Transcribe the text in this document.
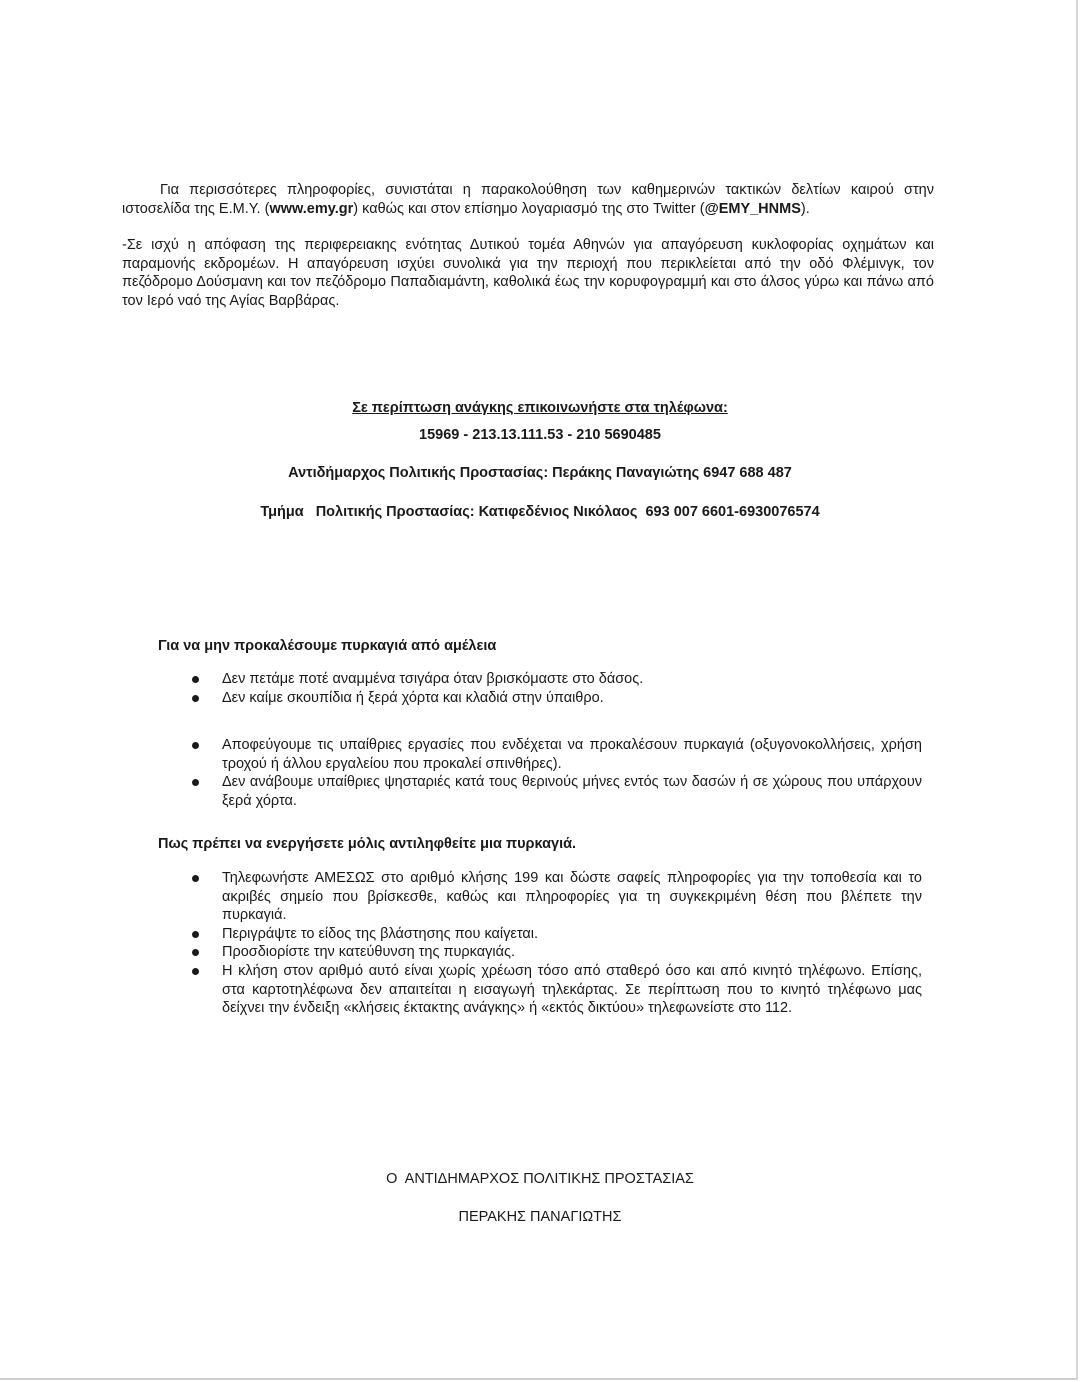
Για περισσότερες πληροφορίες, συνιστάται η παρακολούθηση των καθημερινών τακτικών δελτίων καιρού στην ιστοσελίδα της Ε.Μ.Υ. (www.emy.gr) καθώς και στον επίσημο λογαριασμό της στο Twitter (@EMY_HNMS).

-Σε ισχύ η απόφαση της περιφερειακης ενότητας Δυτικού τομέα Αθηνών για απαγόρευση κυκλοφορίας οχημάτων και παραμονής εκδρομέων. Η απαγόρευση ισχύει συνολικά για την περιοχή που περικλείεται από την οδό Φλέμινγκ, τον πεζόδρομο Δούσμανη και τον πεζόδρομο Παπαδιαμάντη, καθολικά έως την κορυφογραμμή και στο άλσος γύρω και πάνω από τον Ιερό ναό της Αγίας Βαρβάρας.

Σε περίπτωση ανάγκης επικοινωνήστε στα τηλέφωνα:
15969 - 213.13.111.53 - 210 5690485
Αντιδήμαρχος Πολιτικής Προστασίας: Περάκης Παναγιώτης 6947 688 487
Τμήμα   Πολιτικής Προστασίας: Κατιφεδένιος Νικόλαος  693 007 6601-6930076574
Για να μην προκαλέσουμε πυρκαγιά από αμέλεια
Δεν πετάμε ποτέ αναμμένα τσιγάρα όταν βρισκόμαστε στο δάσος.
Δεν καίμε σκουπίδια ή ξερά χόρτα και κλαδιά στην ύπαιθρο.
Αποφεύγουμε τις υπαίθριες εργασίες που ενδέχεται να προκαλέσουν πυρκαγιά (οξυγονοκολλήσεις, χρήση τροχού ή άλλου εργαλείου που προκαλεί σπινθήρες).
Δεν ανάβουμε υπαίθριες ψησταριές κατά τους θερινούς μήνες εντός των δασών ή σε χώρους που υπάρχουν ξερά χόρτα.
Πως πρέπει να ενεργήσετε μόλις αντιληφθείτε μια πυρκαγιά.
Τηλεφωνήστε ΑΜΕΣΩΣ στο αριθμό κλήσης 199 και δώστε σαφείς πληροφορίες για την τοποθεσία και το ακριβές σημείο που βρίσκεσθε, καθώς και πληροφορίες για τη συγκεκριμένη θέση που βλέπετε την πυρκαγιά.
Περιγράψτε το είδος της βλάστησης που καίγεται.
Προσδιορίστε την κατεύθυνση της πυρκαγιάς.
Η κλήση στον αριθμό αυτό είναι χωρίς χρέωση τόσο από σταθερό όσο και από κινητό τηλέφωνο. Επίσης, στα καρτοτηλέφωνα δεν απαιτείται η εισαγωγή τηλεκάρτας. Σε περίπτωση που το κινητό τηλέφωνο μας δείχνει την ένδειξη «κλήσεις έκτακτης ανάγκης» ή «εκτός δικτύου» τηλεφωνείστε στο 112.
Ο  ΑΝΤΙΔΗΜΑΡΧΟΣ ΠΟΛΙΤΙΚΗΣ ΠΡΟΣΤΑΣΙΑΣ
ΠΕΡΑΚΗΣ ΠΑΝΑΓΙΩΤΗΣ
